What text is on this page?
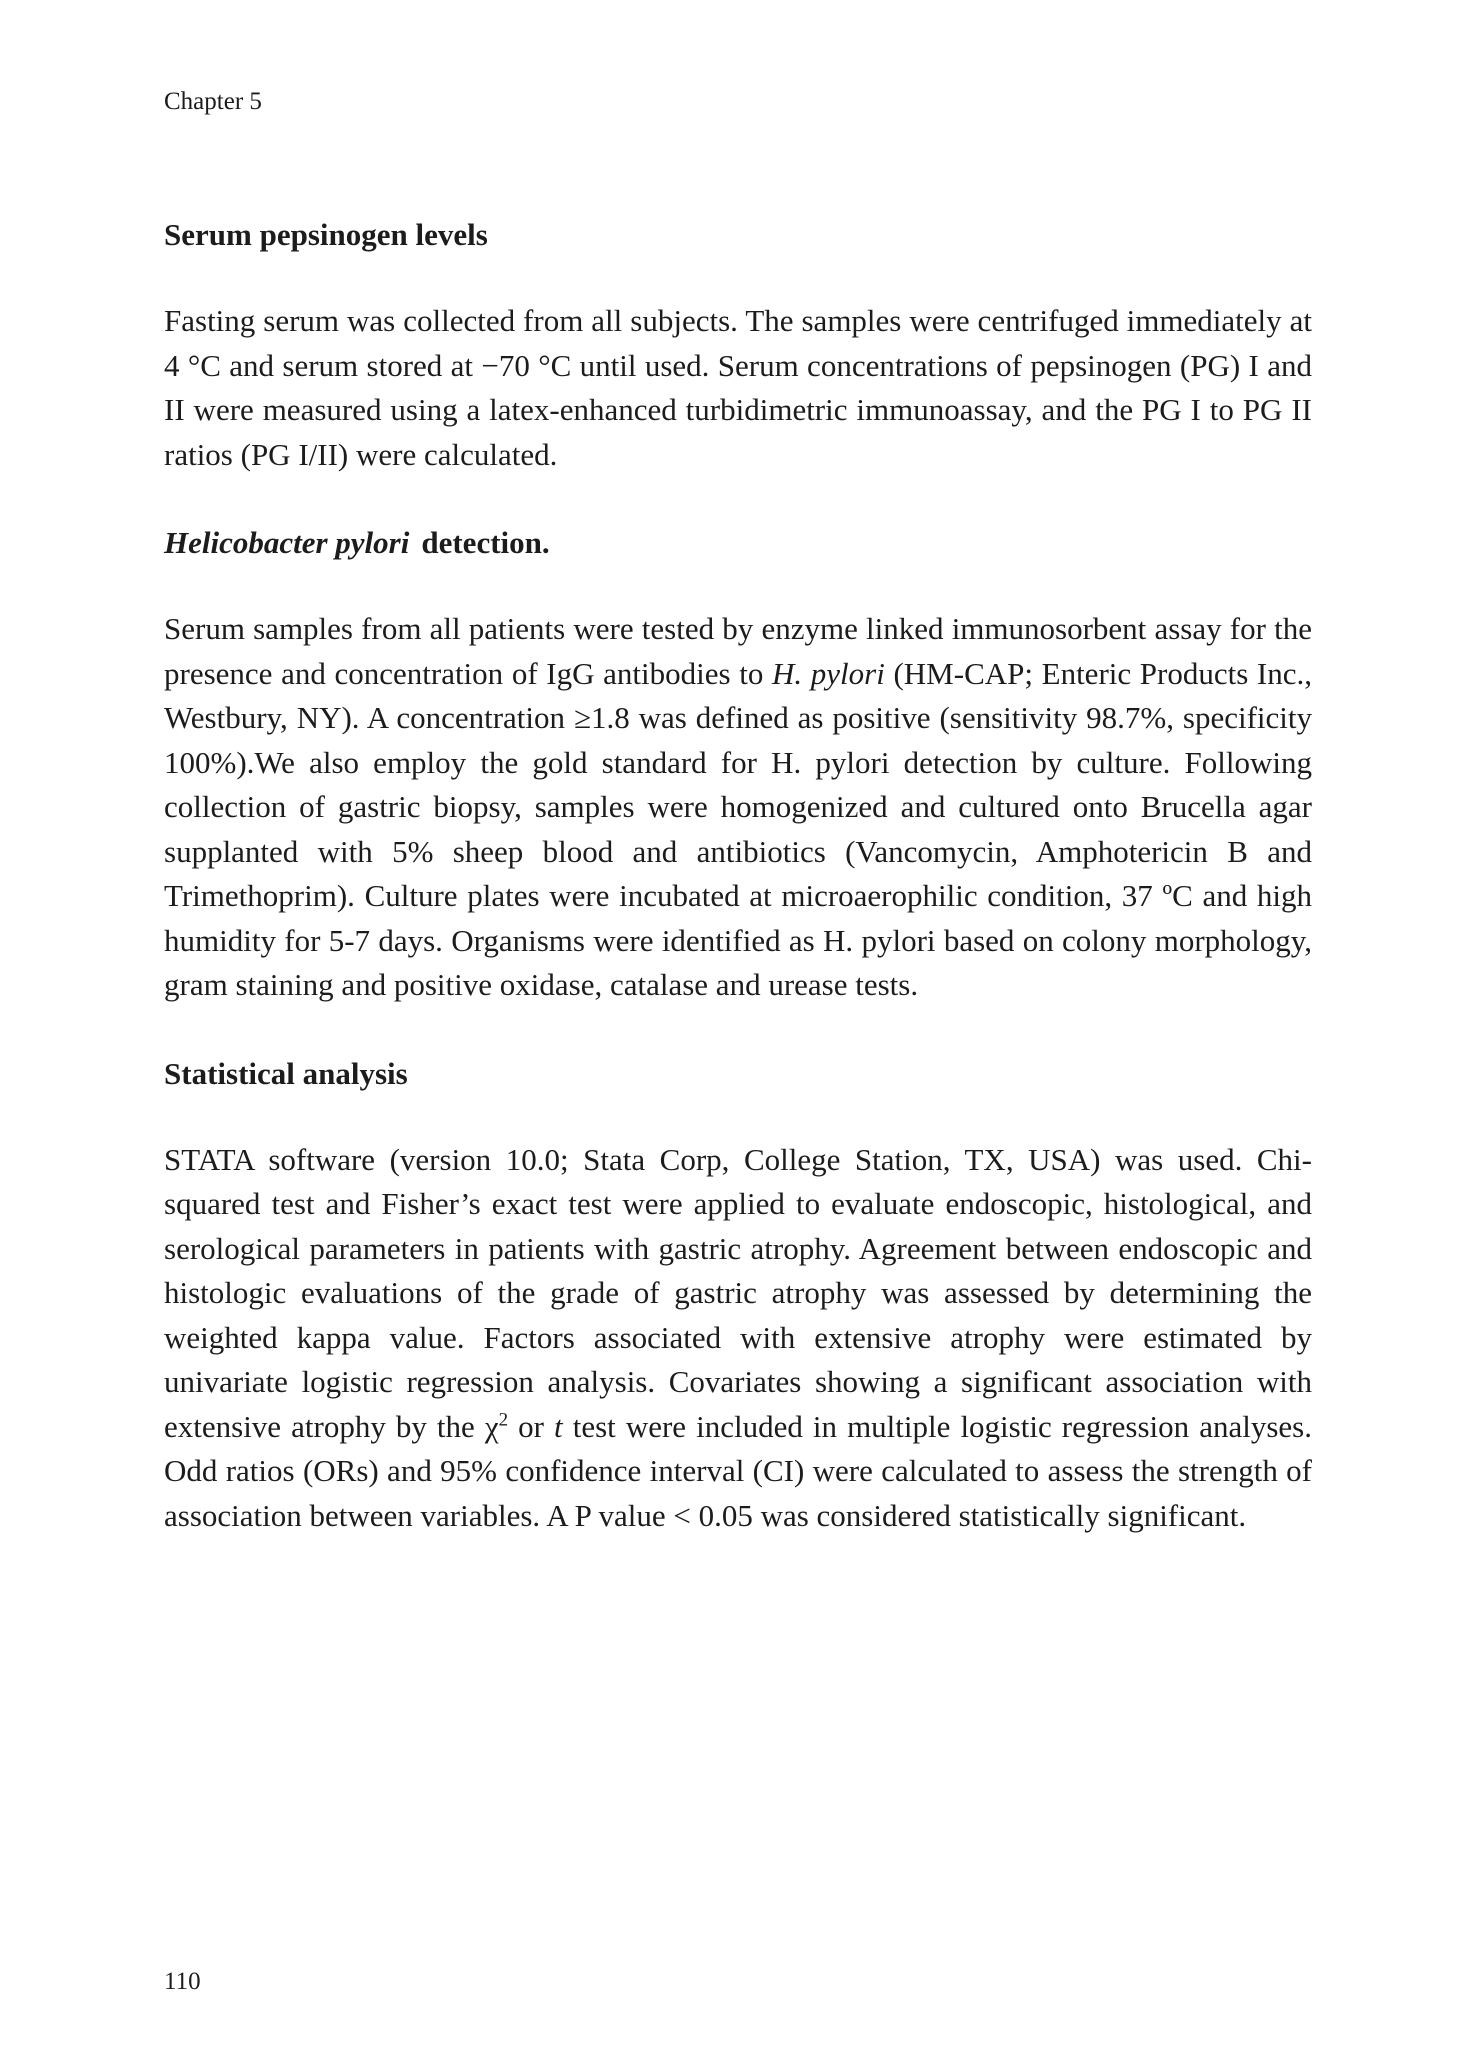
Chapter 5
Serum pepsinogen levels

Fasting serum was collected from all subjects. The samples were centrifuged immediately at 4 °C and serum stored at −70 °C until used. Serum concentrations of pepsinogen (PG) I and II were measured using a latex-enhanced turbidimetric immunoassay, and the PG I to PG II ratios (PG I/II) were calculated.

Helicobacter pylori detection.

Serum samples from all patients were tested by enzyme linked immunosorbent assay for the presence and concentration of IgG antibodies to H. pylori (HM-CAP; Enteric Products Inc., Westbury, NY). A concentration ≥1.8 was defined as positive (sensitivity 98.7%, specificity 100%).We also employ the gold standard for H. pylori detection by culture. Following collection of gastric biopsy, samples were homogenized and cultured onto Brucella agar supplanted with 5% sheep blood and antibiotics (Vancomycin, Amphotericin B and Trimethoprim). Culture plates were incubated at microaerophilic condition, 37 ºC and high humidity for 5-7 days. Organisms were identified as H. pylori based on colony morphology, gram staining and positive oxidase, catalase and urease tests.

Statistical analysis

STATA software (version 10.0; Stata Corp, College Station, TX, USA) was used. Chi-squared test and Fisher’s exact test were applied to evaluate endoscopic, histological, and serological parameters in patients with gastric atrophy. Agreement between endoscopic and histologic evaluations of the grade of gastric atrophy was assessed by determining the weighted kappa value. Factors associated with extensive atrophy were estimated by univariate logistic regression analysis. Covariates showing a significant association with extensive atrophy by the $\chi^2$ or t test were included in multiple logistic regression analyses. Odd ratios (ORs) and 95% confidence interval (CI) were calculated to assess the strength of association between variables. A P value < 0.05 was considered statistically significant.

110
